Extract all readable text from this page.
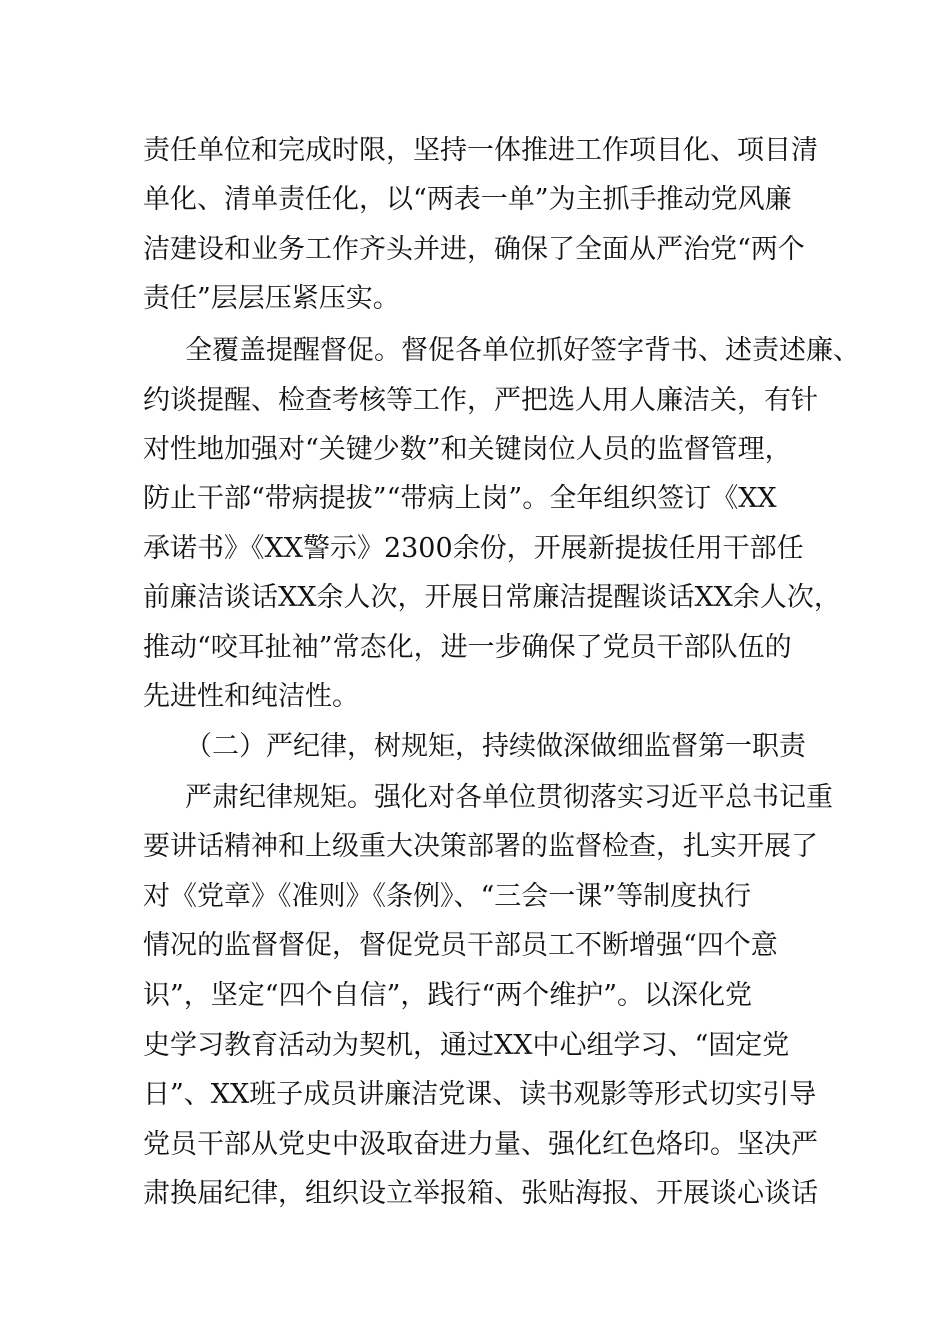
责任单位和完成时限，坚持一体推进工作项目化、项目清
单化、清单责任化，以“两表一单”为主抓手推动党风廉
洁建设和业务工作齐头并进，确保了全面从严治党“两个
责任”层层压紧压实。
全覆盖提醒督促。督促各单位抓好签字背书、述责述廉、
约谈提醒、检查考核等工作，严把选人用人廉洁关，有针
对性地加强对“关键少数”和关键岗位人员的监督管理，
防止干部“带病提拔”“带病上岗”。全年组织签订《XX
承诺书》《XX警示》2300余份，开展新提拔任用干部任
前廉洁谈话XX余人次，开展日常廉洁提醒谈话XX余人次，
推动“咬耳扯袖”常态化，进一步确保了党员干部队伍的
先进性和纯洁性。
（二）严纪律，树规矩，持续做深做细监督第一职责
严肃纪律规矩。强化对各单位贯彻落实习近平总书记重
要讲话精神和上级重大决策部署的监督检查，扎实开展了
对《党章》《准则》《条例》、“三会一课”等制度执行
情况的监督督促，督促党员干部员工不断增强“四个意
识”，坚定“四个自信”，践行“两个维护”。以深化党
史学习教育活动为契机，通过XX中心组学习、“固定党
日”、XX班子成员讲廉洁党课、读书观影等形式切实引导
党员干部从党史中汲取奋进力量、强化红色烙印。坚决严
肃换届纪律，组织设立举报箱、张贴海报、开展谈心谈话
